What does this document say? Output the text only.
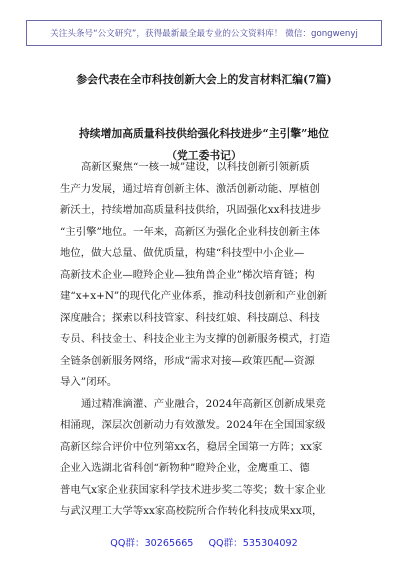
关注头条号“公文研究”，获得最新最全最专业的公文资料库！ 微信：gongwenyj
参会代表在全市科技创新大会上的发言材料汇编(7篇)
持续增加高质量科技供给强化科技进步“主引擎”地位
（党工委书记）
高新区聚焦“一核一城”建设，以科技创新引领新质
生产力发展，通过培育创新主体、激活创新动能、厚植创
新沃土，持续增加高质量科技供给，巩固强化xx科技进步
“主引擎”地位。一年来，高新区为强化企业科技创新主体
地位，做大总量、做优质量，构建“科技型中小企业—
高新技术企业—瞪羚企业—独角兽企业”梯次培育链；构
建“x+x+N”的现代化产业体系，推动科技创新和产业创新
深度融合；探索以科技管家、科技红娘、科技副总、科技
专员、科技金士、科技企业主为支撑的创新服务模式，打造
全链条创新服务网络，形成“需求对接—政策匹配—资源
导入”闭环。
通过精准滴灌、产业融合，2024年高新区创新成果竞
相涌现，深层次创新动力有效激发。2024年在全国国家级
高新区综合评价中位列第xx名，稳居全国第一方阵；xx家
企业入选湖北省科创“新物种”瞪羚企业，金鹰重工、德
普电气x家企业获国家科学技术进步奖二等奖；数十家企业
与武汉理工大学等xx家高校院所合作转化科技成果xx项，
QQ群：30265665 QQ群：535304092
